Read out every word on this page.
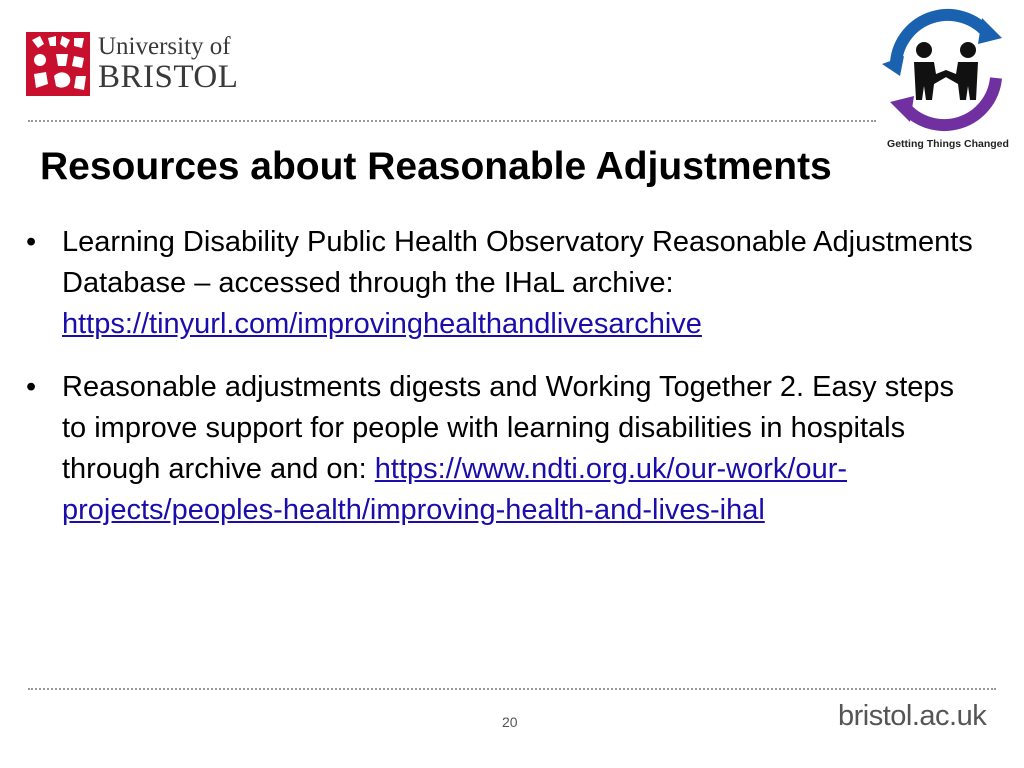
University of
BRISTOL
Getting Things Changed
Resources about Reasonable Adjustments
• Learning Disability Public Health Observatory Reasonable Adjustments Database – accessed through the IHaL archive: https://tinyurl.com/improvinghealthandlivesarchive
• Reasonable adjustments digests and Working Together 2. Easy steps to improve support for people with learning disabilities in hospitals through archive and on: https://www.ndti.org.uk/our-work/our-projects/peoples-health/improving-health-and-lives-ihal
20	bristol.ac.uk
